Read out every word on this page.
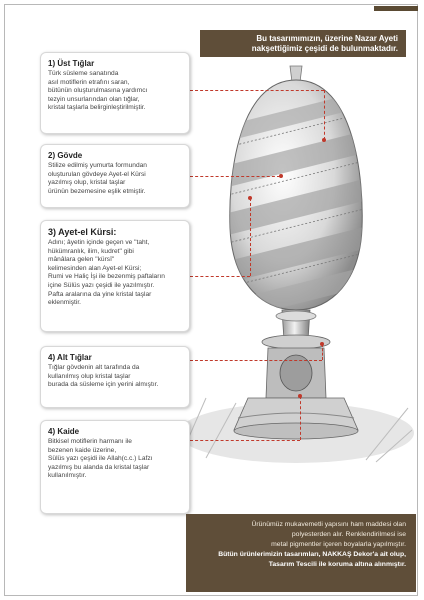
Bu tasarımımızın, üzerine Nazar Ayeti
nakşettiğimiz çeşidi de bulunmaktadır.
1) Üst Tığlar
Türk süsleme sanatında
asıl motiflerin etrafını saran,
bütünün oluşturulmasına yardımcı
tezyin unsurlarından olan tığlar,
kristal taşlarla belirginleştirilmiştir.
2) Gövde
Stilize edilmiş yumurta formundan
oluşturulan gövdeye Ayet-el Kürsi
yazılmış olup, kristal taşlar
ürünün bezemesine eşlik etmiştir.
3) Ayet-el Kürsi:
Adını; âyetin içinde geçen ve "taht,
hükümranlık, ilim, kudret" gibi
mânâlara gelen "kürsî"
kelimesinden alan Ayet-el Kürsi;
Rumi ve Haliç İşi ile bezenmiş paftaların
içine Sülüs yazı çeşidi ile yazılmıştır.
Pafta aralarına da yine kristal taşlar
eklenmiştir.
4) Alt Tığlar
Tığlar gövdenin alt tarafında da
kullanılmış olup kristal taşlar
burada da süsleme için yerini almıştır.
4) Kaide
Bitkisel motiflerin harmanı ile
bezenen kaide üzerine,
Sülüs yazı çeşidi ile Allah(c.c.) Lafzı
yazılmış bu alanda da kristal taşlar
kullanılmıştır.
Ürünümüz mukavemetli yapısını ham maddesi olan
polyesterden alır. Renklendirilmesi ise
metal pigmentler içeren boyalarla yapılmıştır.
Bütün ürünlerimizin tasarımları, NAKKAŞ Dekor'a ait olup,
Tasarım Tescili ile koruma altına alınmıştır.
